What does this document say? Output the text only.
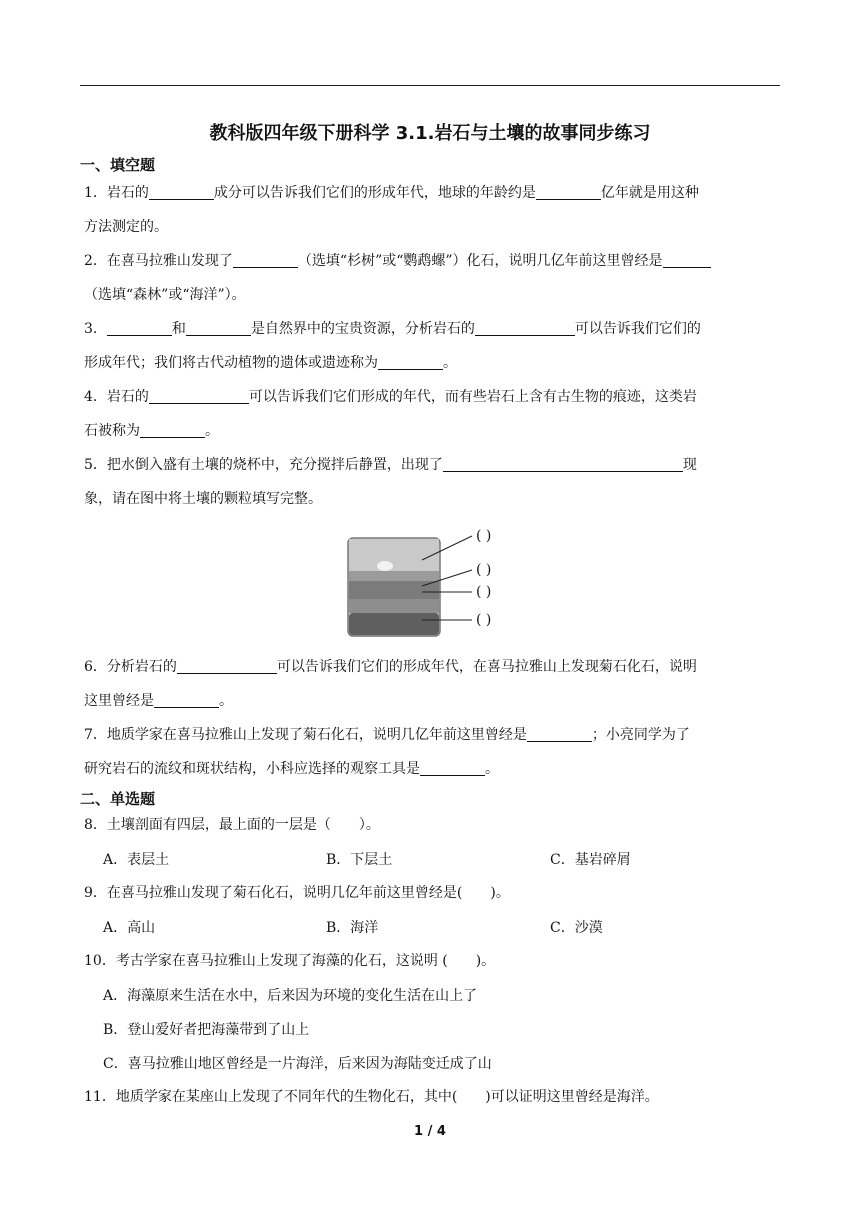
教科版四年级下册科学 3.1.岩石与土壤的故事同步练习
一、填空题
1．岩石的	成分可以告诉我们它们的形成年代，地球的年龄约是	亿年就是用这种
方法测定的。
2．在喜马拉雅山发现了	（选填“杉树”或“鹦鹉螺”）化石，说明几亿年前这里曾经是
（选填“森林”或“海洋”）。
3．	和	是自然界中的宝贵资源，分析岩石的	可以告诉我们它们的
形成年代；我们将古代动植物的遗体或遗迹称为	。
4．岩石的	可以告诉我们它们形成的年代，而有些岩石上含有古生物的痕迹，这类岩
石被称为	。
5．把水倒入盛有土壤的烧杯中，充分搅拌后静置，出现了	现
象，请在图中将土壤的颗粒填写完整。
( )
( )
( )
( )
6．分析岩石的	可以告诉我们它们的形成年代，在喜马拉雅山上发现菊石化石，说明
这里曾经是	。
7．地质学家在喜马拉雅山上发现了菊石化石，说明几亿年前这里曾经是	；小亮同学为了
研究岩石的流纹和斑状结构，小科应选择的观察工具是	。
二、单选题
8．土壤剖面有四层，最上面的一层是（　　）。
A．表层土	B．下层土	C．基岩碎屑
9．在喜马拉雅山发现了菊石化石，说明几亿年前这里曾经是(　　)。
A．高山	B．海洋	C．沙漠
10．考古学家在喜马拉雅山上发现了海藻的化石，这说明 (　　)。
A．海藻原来生活在水中，后来因为环境的变化生活在山上了
B．登山爱好者把海藻带到了山上
C．喜马拉雅山地区曾经是一片海洋，后来因为海陆变迁成了山
11．地质学家在某座山上发现了不同年代的生物化石，其中(　　)可以证明这里曾经是海洋。
1 / 4
